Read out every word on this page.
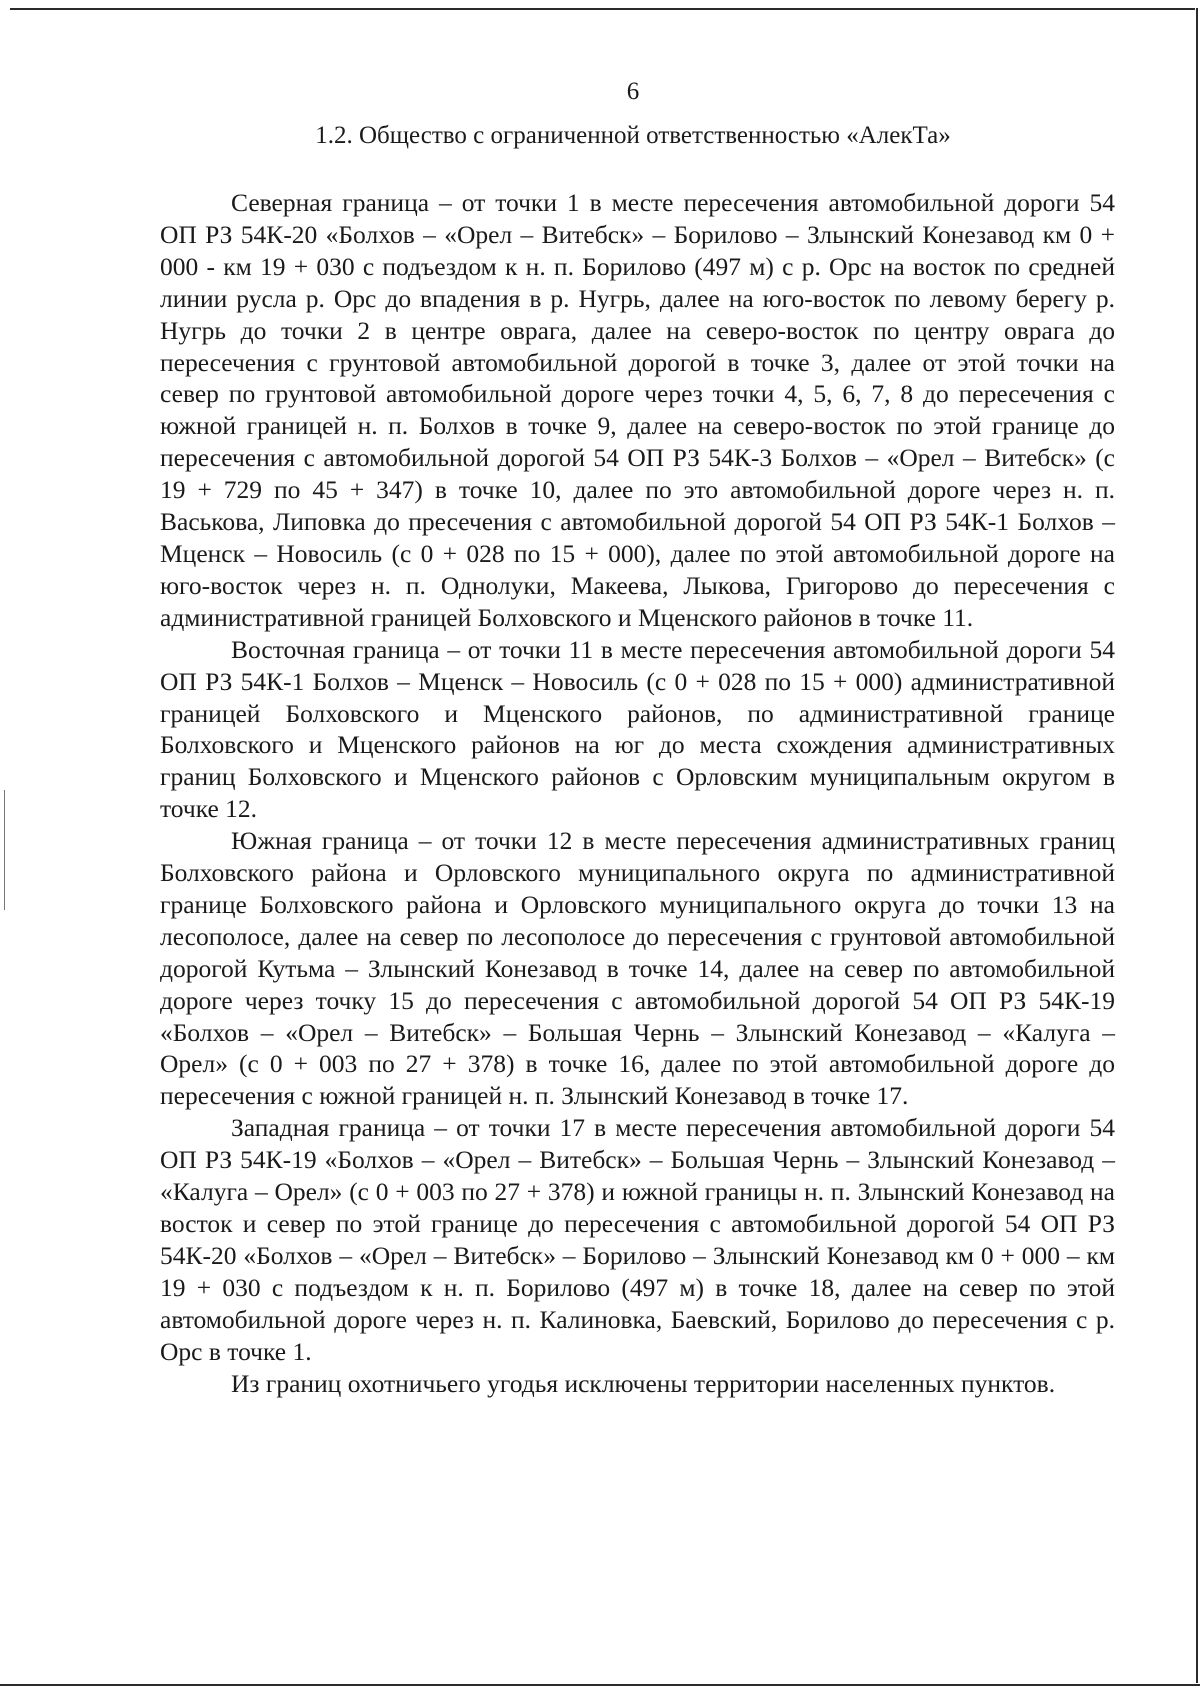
6
1.2. Общество с ограниченной ответственностью «АлекТа»

Северная граница – от точки 1 в месте пересечения автомобильной дороги 54 ОП РЗ 54К-20 «Болхов – «Орел – Витебск» – Борилово – Злынский Конезавод км 0 + 000 - км 19 + 030 с подъездом к н. п. Борилово (497 м) с р. Орс на восток по средней линии русла р. Орс до впадения в р. Нугрь, далее на юго-восток по левому берегу р. Нугрь до точки 2 в центре оврага, далее на северо-восток по центру оврага до пересечения с грунтовой автомобильной дорогой в точке 3, далее от этой точки на север по грунтовой автомобильной дороге через точки 4, 5, 6, 7, 8 до пересечения с южной границей н. п. Болхов в точке 9, далее на северо-восток по этой границе до пересечения с автомобильной дорогой 54 ОП РЗ 54К-3 Болхов – «Орел – Витебск» (с 19 + 729 по 45 + 347) в точке 10, далее по это автомобильной дороге через н. п. Васькова, Липовка до пресечения с автомобильной дорогой 54 ОП РЗ 54К-1 Болхов – Мценск – Новосиль (с 0 + 028 по 15 + 000), далее по этой автомобильной дороге на юго-восток через н. п. Однолуки, Макеева, Лыкова, Григорово до пересечения с административной границей Болховского и Мценского районов в точке 11.

Восточная граница – от точки 11 в месте пересечения автомобильной дороги 54 ОП РЗ 54К-1 Болхов – Мценск – Новосиль (с 0 + 028 по 15 + 000) административной границей Болховского и Мценского районов, по административной границе Болховского и Мценского районов на юг до места схождения административных границ Болховского и Мценского районов с Орловским муниципальным округом в точке 12.

Южная граница – от точки 12 в месте пересечения административных границ Болховского района и Орловского муниципального округа по административной границе Болховского района и Орловского муниципального округа до точки 13 на лесополосе, далее на север по лесополосе до пересечения с грунтовой автомобильной дорогой Кутьма – Злынский Конезавод в точке 14, далее на север по автомобильной дороге через точку 15 до пересечения с автомобильной дорогой 54 ОП РЗ 54К-19 «Болхов – «Орел – Витебск» – Большая Чернь – Злынский Конезавод – «Калуга – Орел» (с 0 + 003 по 27 + 378) в точке 16, далее по этой автомобильной дороге до пересечения с южной границей н. п. Злынский Конезавод в точке 17.

Западная граница – от точки 17 в месте пересечения автомобильной дороги 54 ОП РЗ 54К-19 «Болхов – «Орел – Витебск» – Большая Чернь – Злынский Конезавод – «Калуга – Орел» (с 0 + 003 по 27 + 378) и южной границы н. п. Злынский Конезавод на восток и север по этой границе до пересечения с автомобильной дорогой 54 ОП РЗ 54К-20 «Болхов – «Орел – Витебск» – Борилово – Злынский Конезавод км 0 + 000 – км 19 + 030 с подъездом к н. п. Борилово (497 м) в точке 18, далее на север по этой автомобильной дороге через н. п. Калиновка, Баевский, Борилово до пересечения с р. Орс в точке 1.

Из границ охотничьего угодья исключены территории населенных пунктов.
